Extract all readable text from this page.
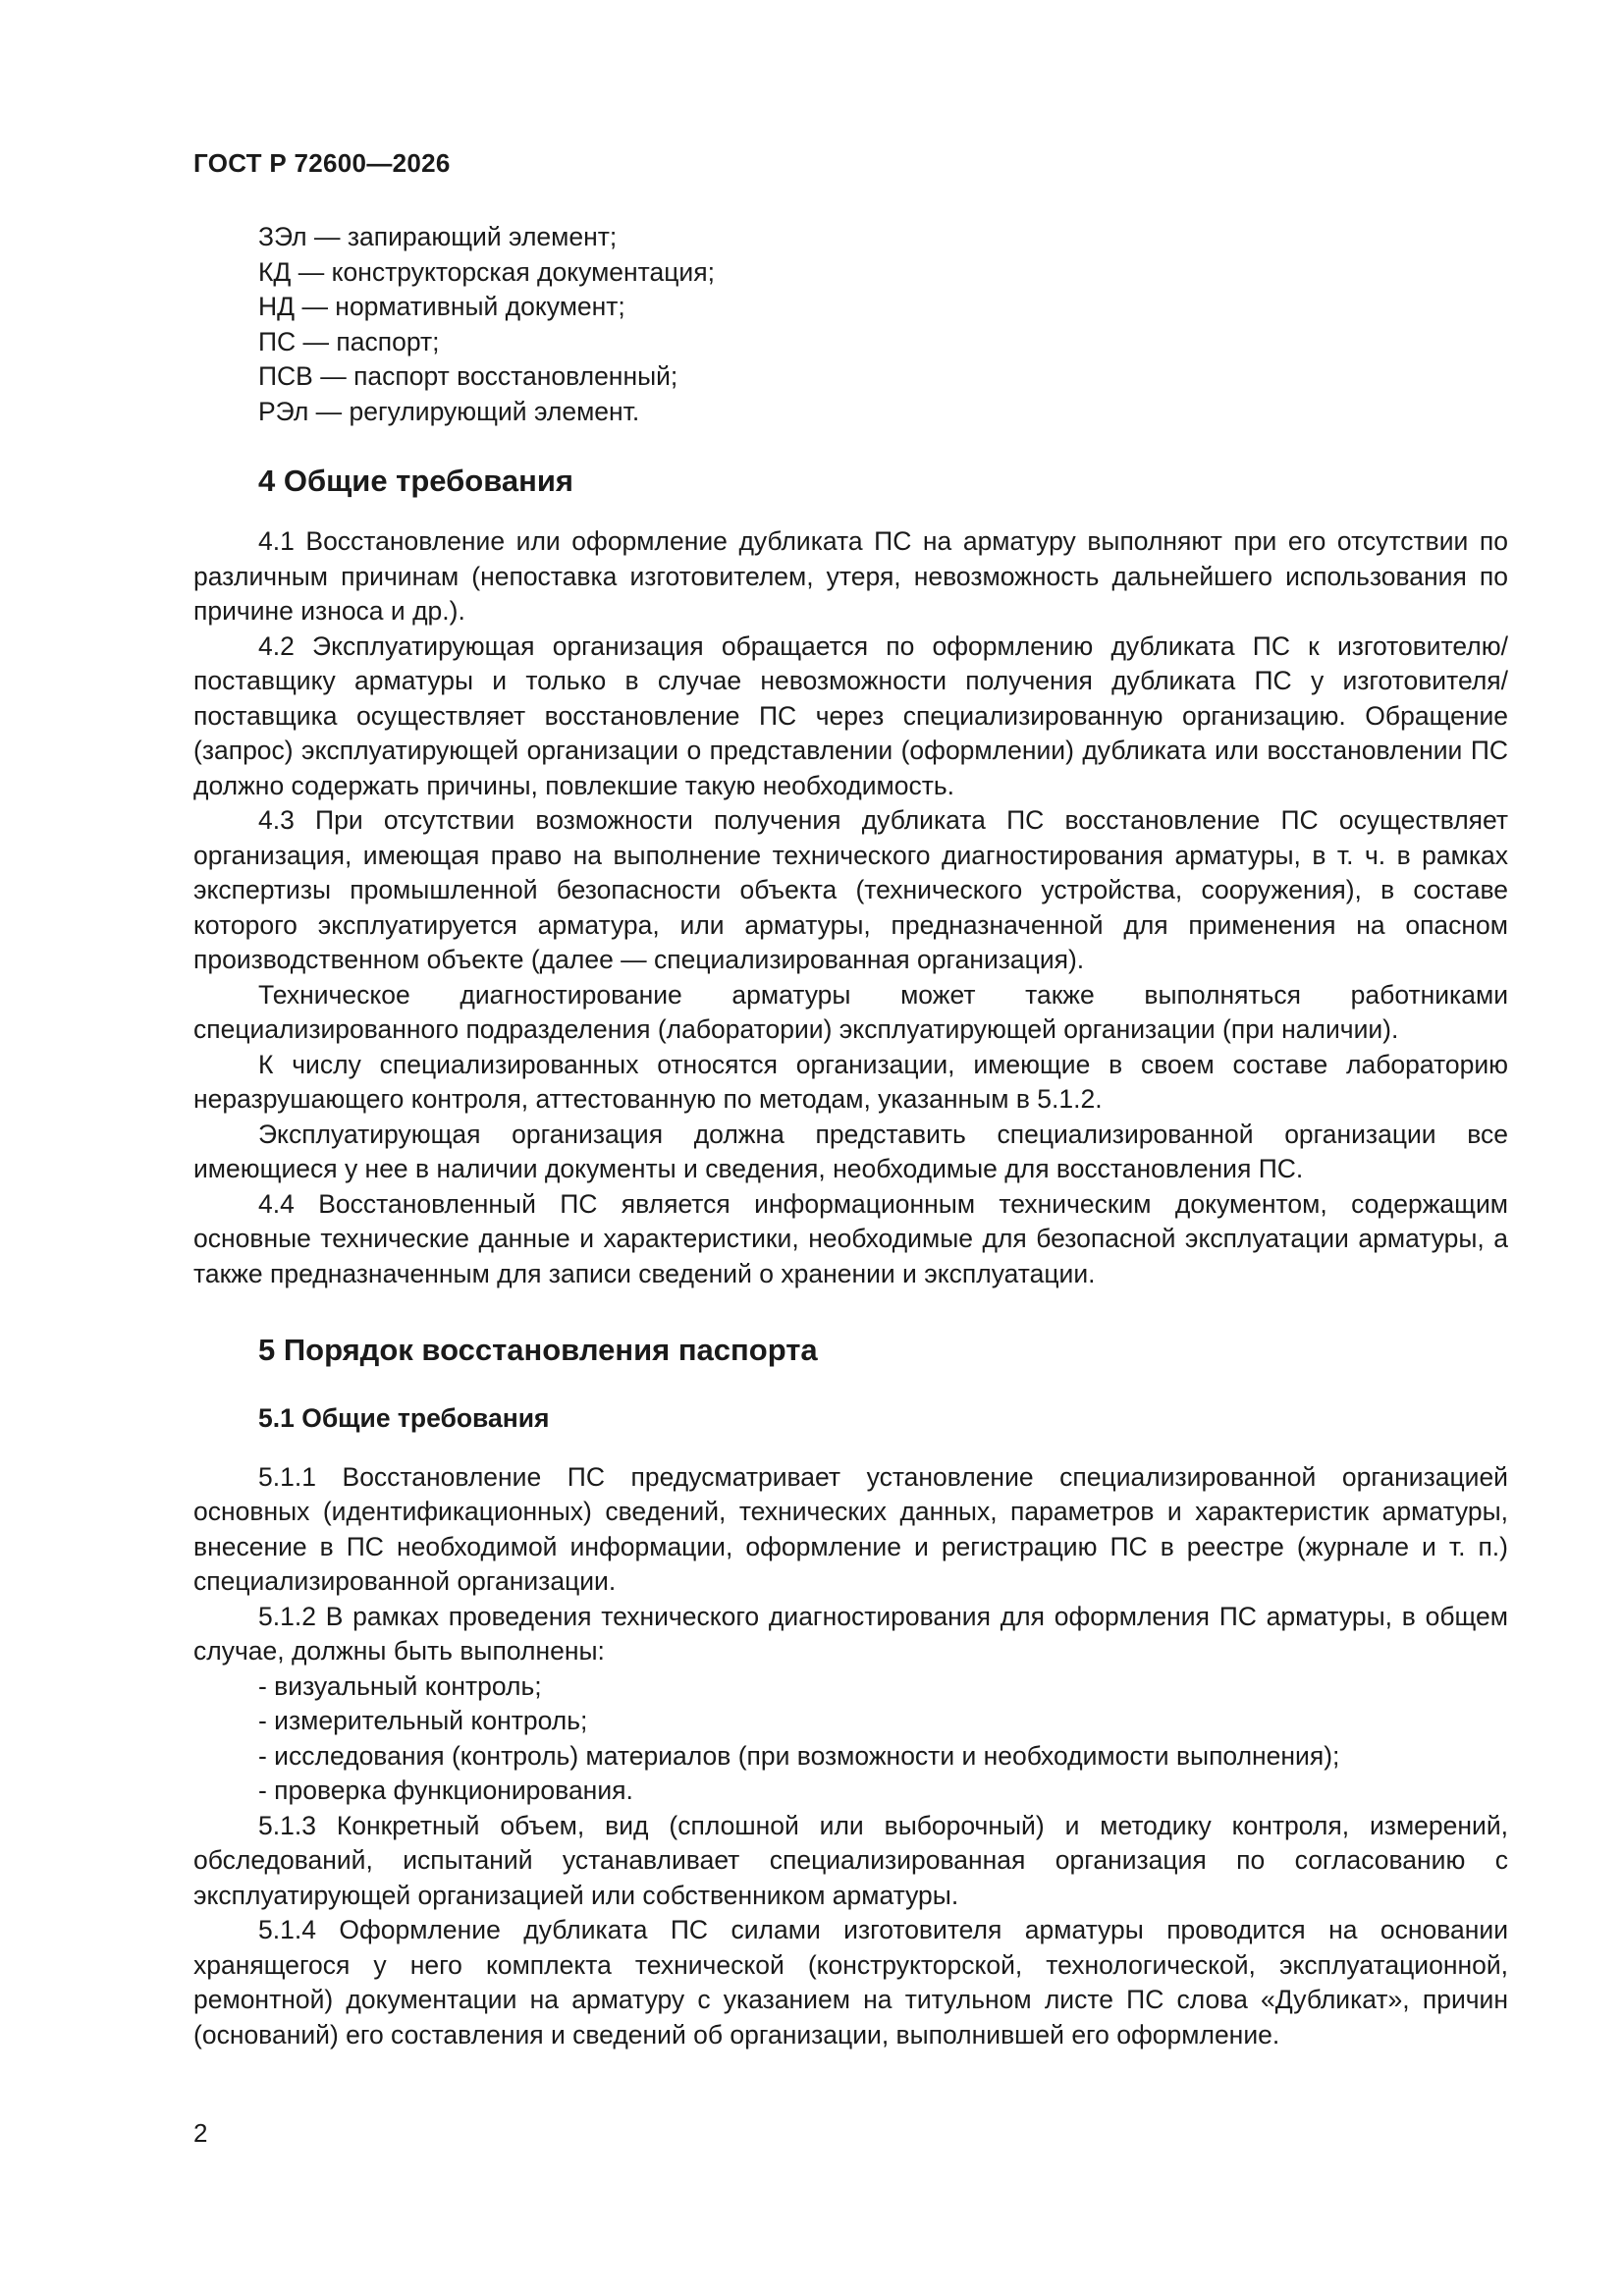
ГОСТ Р 72600—2026
ЗЭл — запирающий элемент;
КД — конструкторская документация;
НД — нормативный документ;
ПС — паспорт;
ПСВ — паспорт восстановленный;
РЭл — регулирующий элемент.
4 Общие требования

4.1 Восстановление или оформление дубликата ПС на арматуру выполняют при его отсутствии по различным причинам (непоставка изготовителем, утеря, невозможность дальнейшего использования по причине износа и др.).

4.2 Эксплуатирующая организация обращается по оформлению дубликата ПС к изготовителю/ поставщику арматуры и только в случае невозможности получения дубликата ПС у изготовителя/поставщика осуществляет восстановление ПС через специализированную организацию. Обращение (запрос) эксплуатирующей организации о представлении (оформлении) дубликата или восстановлении ПС должно содержать причины, повлекшие такую необходимость.

4.3 При отсутствии возможности получения дубликата ПС восстановление ПС осуществляет организация, имеющая право на выполнение технического диагностирования арматуры, в т. ч. в рамках экспертизы промышленной безопасности объекта (технического устройства, сооружения), в составе которого эксплуатируется арматура, или арматуры, предназначенной для применения на опасном производственном объекте (далее — специализированная организация).

Техническое диагностирование арматуры может также выполняться работниками специализированного подразделения (лаборатории) эксплуатирующей организации (при наличии).

К числу специализированных относятся организации, имеющие в своем составе лабораторию неразрушающего контроля, аттестованную по методам, указанным в 5.1.2.

Эксплуатирующая организация должна представить специализированной организации все имеющиеся у нее в наличии документы и сведения, необходимые для восстановления ПС.

4.4 Восстановленный ПС является информационным техническим документом, содержащим основные технические данные и характеристики, необходимые для безопасной эксплуатации арматуры, а также предназначенным для записи сведений о хранении и эксплуатации.

5 Порядок восстановления паспорта
5.1 Общие требования

5.1.1 Восстановление ПС предусматривает установление специализированной организацией основных (идентификационных) сведений, технических данных, параметров и характеристик арматуры, внесение в ПС необходимой информации, оформление и регистрацию ПС в реестре (журнале и т. п.) специализированной организации.

5.1.2 В рамках проведения технического диагностирования для оформления ПС арматуры, в общем случае, должны быть выполнены:

- визуальный контроль;
- измерительный контроль;
- исследования (контроль) материалов (при возможности и необходимости выполнения);
- проверка функционирования.

5.1.3 Конкретный объем, вид (сплошной или выборочный) и методику контроля, измерений, обследований, испытаний устанавливает специализированная организация по согласованию с эксплуатирующей организацией или собственником арматуры.

5.1.4 Оформление дубликата ПС силами изготовителя арматуры проводится на основании хранящегося у него комплекта технической (конструкторской, технологической, эксплуатационной, ремонтной) документации на арматуру с указанием на титульном листе ПС слова «Дубликат», причин (оснований) его составления и сведений об организации, выполнившей его оформление.

2
